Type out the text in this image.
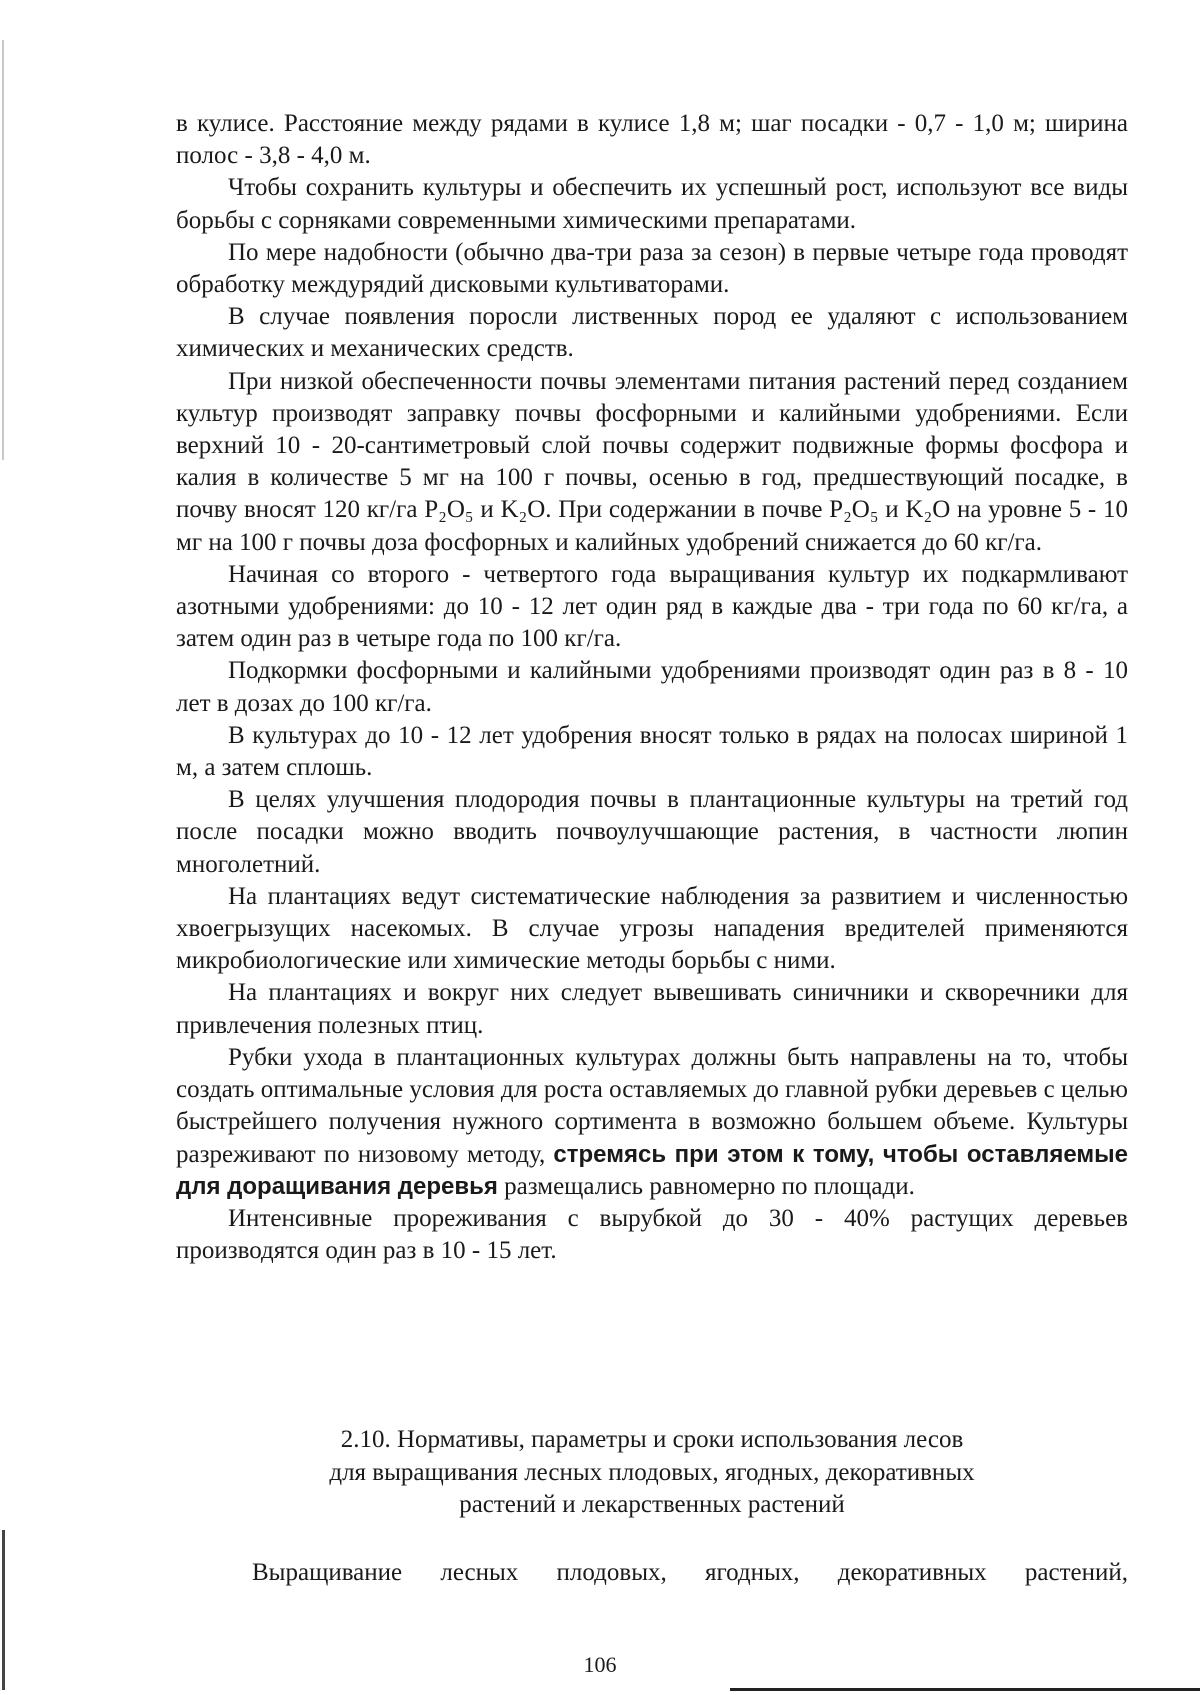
в кулисе. Расстояние между рядами в кулисе 1,8 м; шаг посадки - 0,7 - 1,0 м; ширина полос - 3,8 - 4,0 м.

Чтобы сохранить культуры и обеспечить их успешный рост, используют все виды борьбы с сорняками современными химическими препаратами.

По мере надобности (обычно два-три раза за сезон) в первые четыре года проводят обработку междурядий дисковыми культиваторами.

В случае появления поросли лиственных пород ее удаляют с использованием химических и механических средств.

При низкой обеспеченности почвы элементами питания растений перед созданием культур производят заправку почвы фосфорными и калийными удобрениями. Если верхний 10 - 20-сантиметровый слой почвы содержит подвижные формы фосфора и калия в количестве 5 мг на 100 г почвы, осенью в год, предшествующий посадке, в почву вносят 120 кг/га P₂O₅ и K₂O. При содержании в почве P₂O₅ и K₂O на уровне 5 - 10 мг на 100 г почвы доза фосфорных и калийных удобрений снижается до 60 кг/га.

Начиная со второго - четвертого года выращивания культур их подкармливают азотными удобрениями: до 10 - 12 лет один ряд в каждые два - три года по 60 кг/га, а затем один раз в четыре года по 100 кг/га.

Подкормки фосфорными и калийными удобрениями производят один раз в 8 - 10 лет в дозах до 100 кг/га.

В культурах до 10 - 12 лет удобрения вносят только в рядах на полосах шириной 1 м, а затем сплошь.

В целях улучшения плодородия почвы в плантационные культуры на третий год после посадки можно вводить почвоулучшающие растения, в частности люпин многолетний.

На плантациях ведут систематические наблюдения за развитием и численностью хвоегрызущих насекомых. В случае угрозы нападения вредителей применяются микробиологические или химические методы борьбы с ними.

На плантациях и вокруг них следует вывешивать синичники и скворечники для привлечения полезных птиц.

Рубки ухода в плантационных культурах должны быть направлены на то, чтобы создать оптимальные условия для роста оставляемых до главной рубки деревьев с целью быстрейшего получения нужного сортимента в возможно большем объеме. Культуры разреживают по низовому методу, стремясь при этом к тому, чтобы оставляемые для доращивания деревья размещались равномерно по площади.

Интенсивные прореживания с вырубкой до 30 - 40% растущих деревьев производятся один раз в 10 - 15 лет.

2.10. Нормативы, параметры и сроки использования лесов
для выращивания лесных плодовых, ягодных, декоративных
растений и лекарственных растений
Выращивание лесных плодовых, ягодных, декоративных растений,
106
